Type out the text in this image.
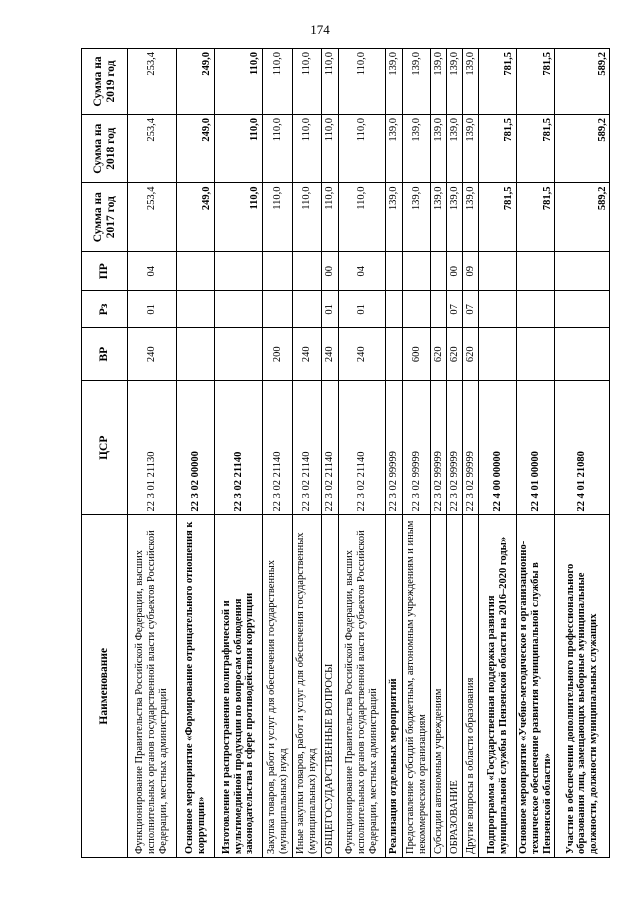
174
Наименование	ЦСР	ВР	Рз	ПР	Сумма на 2017 год	Сумма на 2018 год	Сумма на 2019 год
Функционирование Правительства Российской Федерации, высших исполнительных органов государственной власти субъектов Российской Федерации, местных администраций	22 3 01 21130	240	01	04	253,4	253,4	253,4
Основное мероприятие «Формирование отрицательного отношения к коррупции»	22 3 02 00000				249,0	249,0	249,0
Изготовление и распространение полиграфической и мультимедийной продукции по вопросам соблюдения законодательства в сфере противодействия коррупции	22 3 02 21140				110,0	110,0	110,0
Закупка товаров, работ и услуг для обеспечения государственных (муниципальных) нужд	22 3 02 21140	200			110,0	110,0	110,0
Иные закупки товаров, работ и услуг для обеспечения государственных (муниципальных) нужд	22 3 02 21140	240			110,0	110,0	110,0
ОБЩЕГОСУДАРСТВЕННЫЕ ВОПРОСЫ	22 3 02 21140	240	01	00	110,0	110,0	110,0
Функционирование Правительства Российской Федерации, высших исполнительных органов государственной власти субъектов Российской Федерации, местных администраций	22 3 02 21140	240	01	04	110,0	110,0	110,0
Реализация отдельных мероприятий	22 3 02 99999				139,0	139,0	139,0
Предоставление субсидий бюджетным, автономным учреждениям и иным некоммерческим организациям	22 3 02 99999	600			139,0	139,0	139,0
Субсидии автономным учреждениям	22 3 02 99999	620			139,0	139,0	139,0
ОБРАЗОВАНИЕ	22 3 02 99999	620	07	00	139,0	139,0	139,0
Другие вопросы в области образования	22 3 02 99999	620	07	09	139,0	139,0	139,0
Подпрограмма «Государственная поддержка развития муниципальной службы в Пензенской области на 2016–2020 годы»	22 4 00 00000				781,5	781,5	781,5
Основное мероприятие «Учебно-методическое и организационно-техническое обеспечение развития муниципальной службы в Пензенской области»	22 4 01 00000				781,5	781,5	781,5
Участие в обеспечении дополнительного профессионального образования лиц, замещающих выборные муниципальные должности, должности муниципальных служащих	22 4 01 21080				589,2	589,2	589,2
